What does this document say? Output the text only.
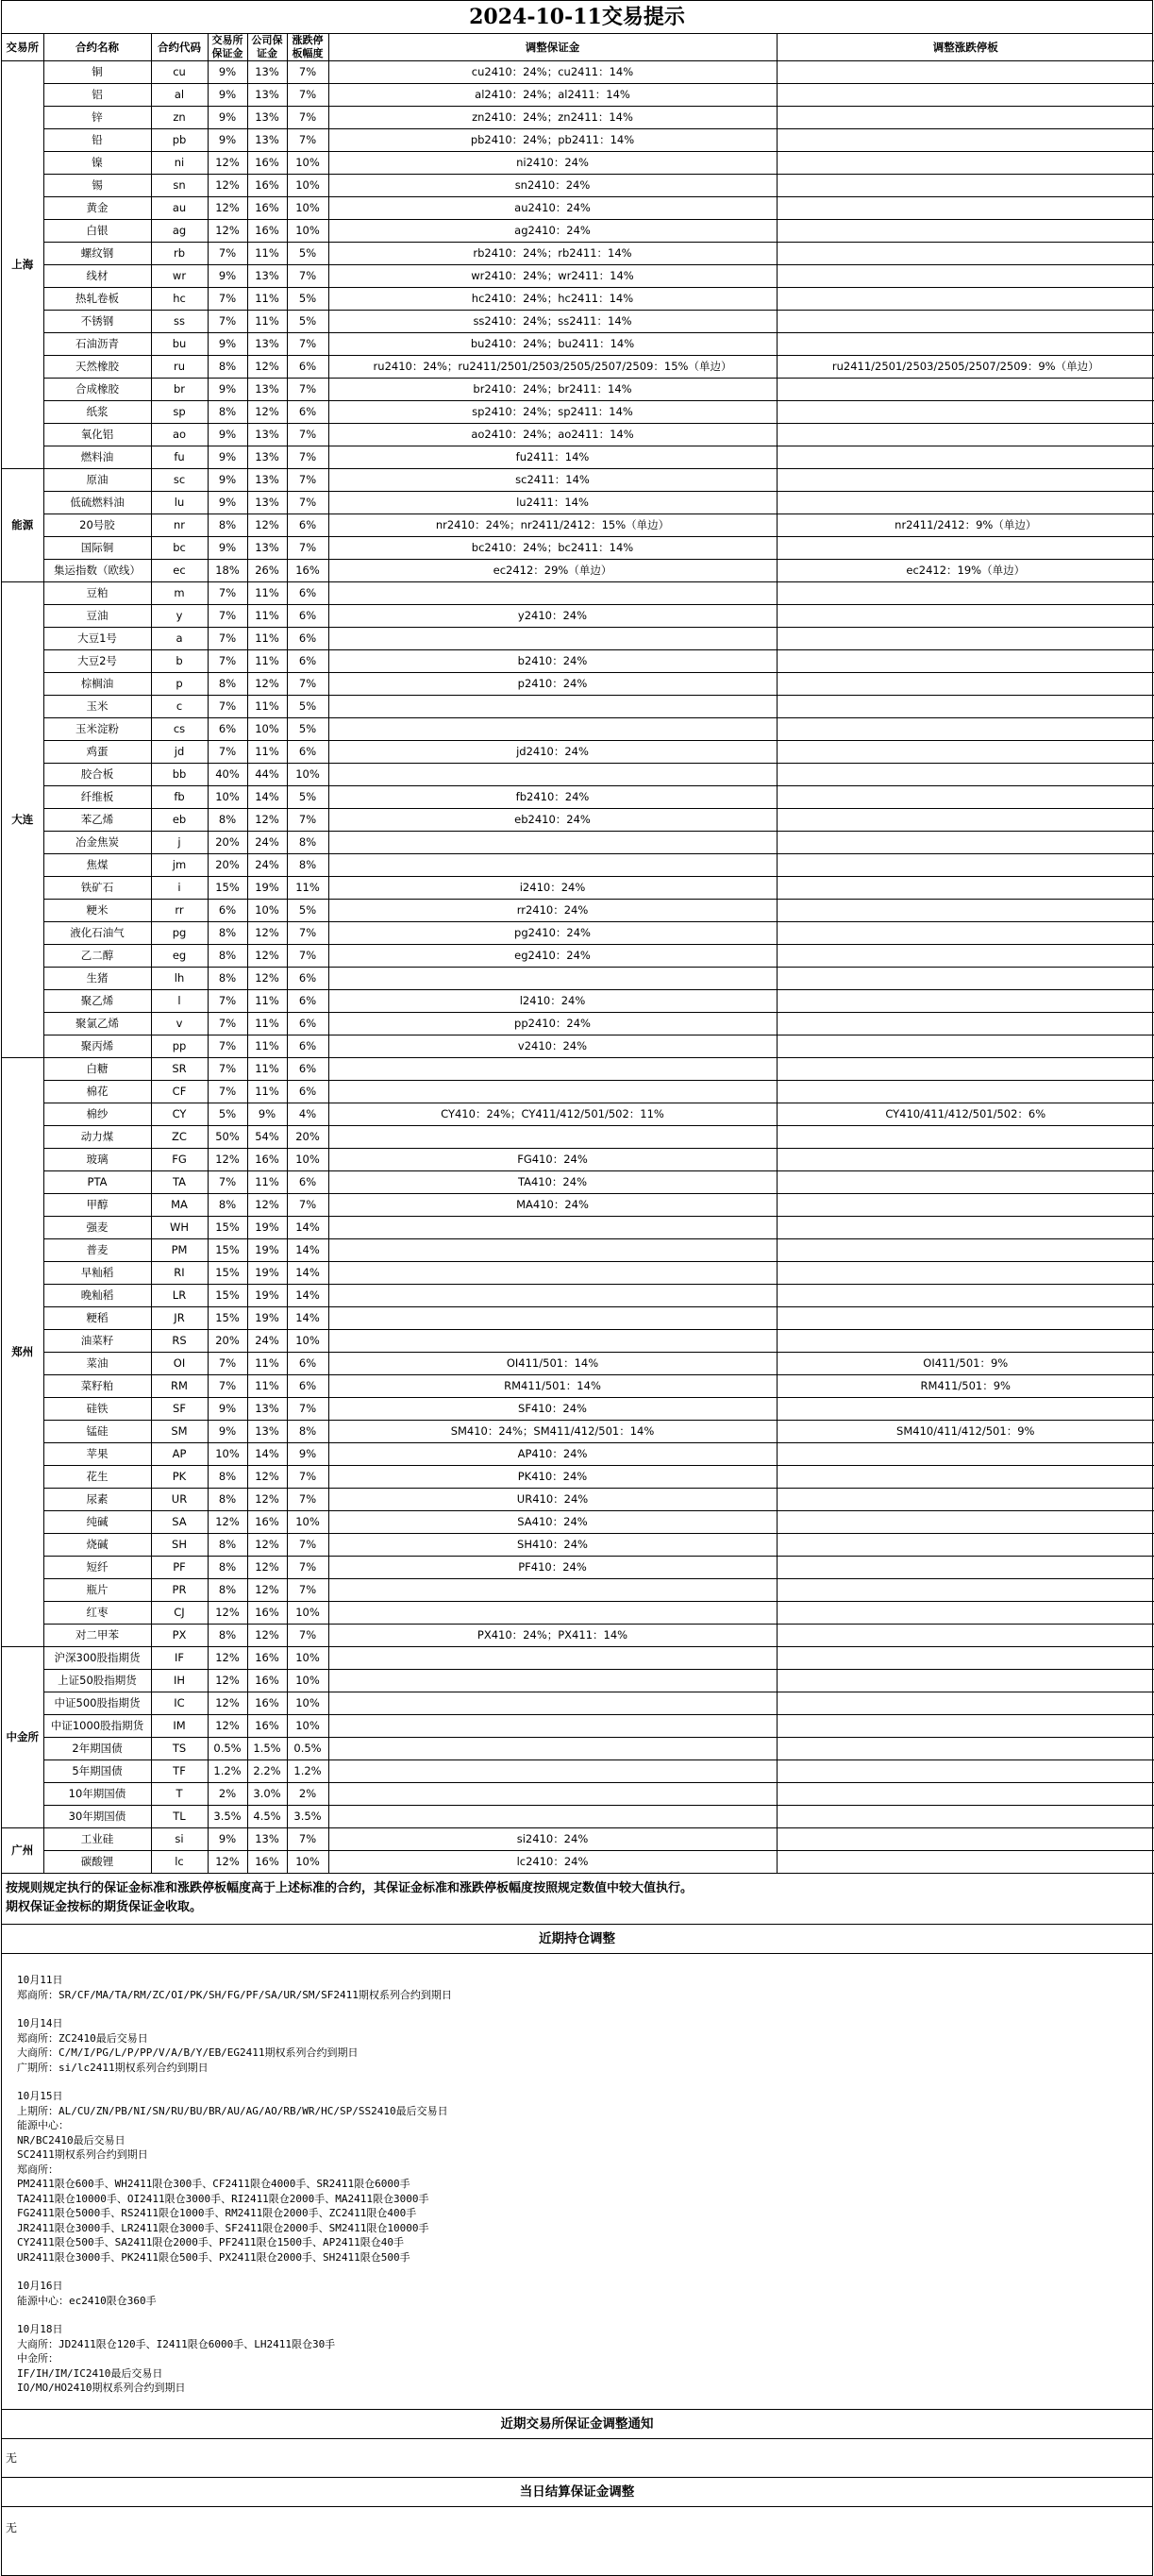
2024-10-11交易提示
交易所	合约名称	合约代码	交易所保证金	公司保证金	涨跌停板幅度	调整保证金	调整涨跌停板
上海	铜	cu	9%	13%	7%	cu2410：24%；cu2411：14%	
	铝	al	9%	13%	7%	al2410：24%；al2411：14%	
	锌	zn	9%	13%	7%	zn2410：24%；zn2411：14%	
	铅	pb	9%	13%	7%	pb2410：24%；pb2411：14%	
	镍	ni	12%	16%	10%	ni2410：24%	
	锡	sn	12%	16%	10%	sn2410：24%	
	黄金	au	12%	16%	10%	au2410：24%	
	白银	ag	12%	16%	10%	ag2410：24%	
	螺纹钢	rb	7%	11%	5%	rb2410：24%；rb2411：14%	
	线材	wr	9%	13%	7%	wr2410：24%；wr2411：14%	
	热轧卷板	hc	7%	11%	5%	hc2410：24%；hc2411：14%	
	不锈钢	ss	7%	11%	5%	ss2410：24%；ss2411：14%	
	石油沥青	bu	9%	13%	7%	bu2410：24%；bu2411：14%	
	天然橡胶	ru	8%	12%	6%	ru2410：24%；ru2411/2501/2503/2505/2507/2509：15%（单边）	ru2411/2501/2503/2505/2507/2509：9%（单边）
	合成橡胶	br	9%	13%	7%	br2410：24%；br2411：14%	
	纸浆	sp	8%	12%	6%	sp2410：24%；sp2411：14%	
	氧化铝	ao	9%	13%	7%	ao2410：24%；ao2411：14%	
	燃料油	fu	9%	13%	7%	fu2411：14%	
能源	原油	sc	9%	13%	7%	sc2411：14%	
	低硫燃料油	lu	9%	13%	7%	lu2411：14%	
	20号胶	nr	8%	12%	6%	nr2410：24%；nr2411/2412：15%（单边）	nr2411/2412：9%（单边）
	国际铜	bc	9%	13%	7%	bc2410：24%；bc2411：14%	
	集运指数（欧线）	ec	18%	26%	16%	ec2412：29%（单边）	ec2412：19%（单边）
大连	豆粕	m	7%	11%	6%		
	豆油	y	7%	11%	6%	y2410：24%	
	大豆1号	a	7%	11%	6%		
	大豆2号	b	7%	11%	6%	b2410：24%	
	棕榈油	p	8%	12%	7%	p2410：24%	
	玉米	c	7%	11%	5%		
	玉米淀粉	cs	6%	10%	5%		
	鸡蛋	jd	7%	11%	6%	jd2410：24%	
	胶合板	bb	40%	44%	10%		
	纤维板	fb	10%	14%	5%	fb2410：24%	
	苯乙烯	eb	8%	12%	7%	eb2410：24%	
	冶金焦炭	j	20%	24%	8%		
	焦煤	jm	20%	24%	8%		
	铁矿石	i	15%	19%	11%	i2410：24%	
	粳米	rr	6%	10%	5%	rr2410：24%	
	液化石油气	pg	8%	12%	7%	pg2410：24%	
	乙二醇	eg	8%	12%	7%	eg2410：24%	
	生猪	lh	8%	12%	6%		
	聚乙烯	l	7%	11%	6%	l2410：24%	
	聚氯乙烯	v	7%	11%	6%	pp2410：24%	
	聚丙烯	pp	7%	11%	6%	v2410：24%	
郑州	白糖	SR	7%	11%	6%		
	棉花	CF	7%	11%	6%		
	棉纱	CY	5%	9%	4%	CY410：24%；CY411/412/501/502：11%	CY410/411/412/501/502：6%
	动力煤	ZC	50%	54%	20%		
	玻璃	FG	12%	16%	10%	FG410：24%	
	PTA	TA	7%	11%	6%	TA410：24%	
	甲醇	MA	8%	12%	7%	MA410：24%	
	强麦	WH	15%	19%	14%		
	普麦	PM	15%	19%	14%		
	早籼稻	RI	15%	19%	14%		
	晚籼稻	LR	15%	19%	14%		
	粳稻	JR	15%	19%	14%		
	油菜籽	RS	20%	24%	10%		
	菜油	OI	7%	11%	6%	OI411/501：14%	OI411/501：9%
	菜籽粕	RM	7%	11%	6%	RM411/501：14%	RM411/501：9%
	硅铁	SF	9%	13%	7%	SF410：24%	
	锰硅	SM	9%	13%	8%	SM410：24%；SM411/412/501：14%	SM410/411/412/501：9%
	苹果	AP	10%	14%	9%	AP410：24%	
	花生	PK	8%	12%	7%	PK410：24%	
	尿素	UR	8%	12%	7%	UR410：24%	
	纯碱	SA	12%	16%	10%	SA410：24%	
	烧碱	SH	8%	12%	7%	SH410：24%	
	短纤	PF	8%	12%	7%	PF410：24%	
	瓶片	PR	8%	12%	7%		
	红枣	CJ	12%	16%	10%		
	对二甲苯	PX	8%	12%	7%	PX410：24%；PX411：14%	
中金所	沪深300股指期货	IF	12%	16%	10%		
	上证50股指期货	IH	12%	16%	10%		
	中证500股指期货	IC	12%	16%	10%		
	中证1000股指期货	IM	12%	16%	10%		
	2年期国债	TS	0.5%	1.5%	0.5%		
	5年期国债	TF	1.2%	2.2%	1.2%		
	10年期国债	T	2%	3.0%	2%		
	30年期国债	TL	3.5%	4.5%	3.5%		
广州	工业硅	si	9%	13%	7%	si2410：24%	
	碳酸锂	lc	12%	16%	10%	lc2410：24%	
按规则规定执行的保证金标准和涨跌停板幅度高于上述标准的合约，其保证金标准和涨跌停板幅度按照规定数值中较大值执行。
期权保证金按标的期货保证金收取。
近期持仓调整
10月11日
郑商所：SR/CF/MA/TA/RM/ZC/OI/PK/SH/FG/PF/SA/UR/SM/SF2411期权系列合约到期日
10月14日
郑商所：ZC2410最后交易日
大商所：C/M/I/PG/L/P/PP/V/A/B/Y/EB/EG2411期权系列合约到期日
广期所：si/lc2411期权系列合约到期日
10月15日
上期所：AL/CU/ZN/PB/NI/SN/RU/BU/BR/AU/AG/AO/RB/WR/HC/SP/SS2410最后交易日
能源中心：
NR/BC2410最后交易日
SC2411期权系列合约到期日
郑商所：
PM2411限仓600手、WH2411限仓300手、CF2411限仓4000手、SR2411限仓6000手
TA2411限仓10000手、OI2411限仓3000手、RI2411限仓2000手、MA2411限仓3000手
FG2411限仓5000手、RS2411限仓1000手、RM2411限仓2000手、ZC2411限仓400手
JR2411限仓3000手、LR2411限仓3000手、SF2411限仓2000手、SM2411限仓10000手
CY2411限仓500手、SA2411限仓2000手、PF2411限仓1500手、AP2411限仓40手
UR2411限仓3000手、PK2411限仓500手、PX2411限仓2000手、SH2411限仓500手
10月16日
能源中心：ec2410限仓360手
10月18日
大商所：JD2411限仓120手、I2411限仓6000手、LH2411限仓30手
中金所：
IF/IH/IM/IC2410最后交易日
IO/MO/HO2410期权系列合约到期日
近期交易所保证金调整通知
无
当日结算保证金调整
无
